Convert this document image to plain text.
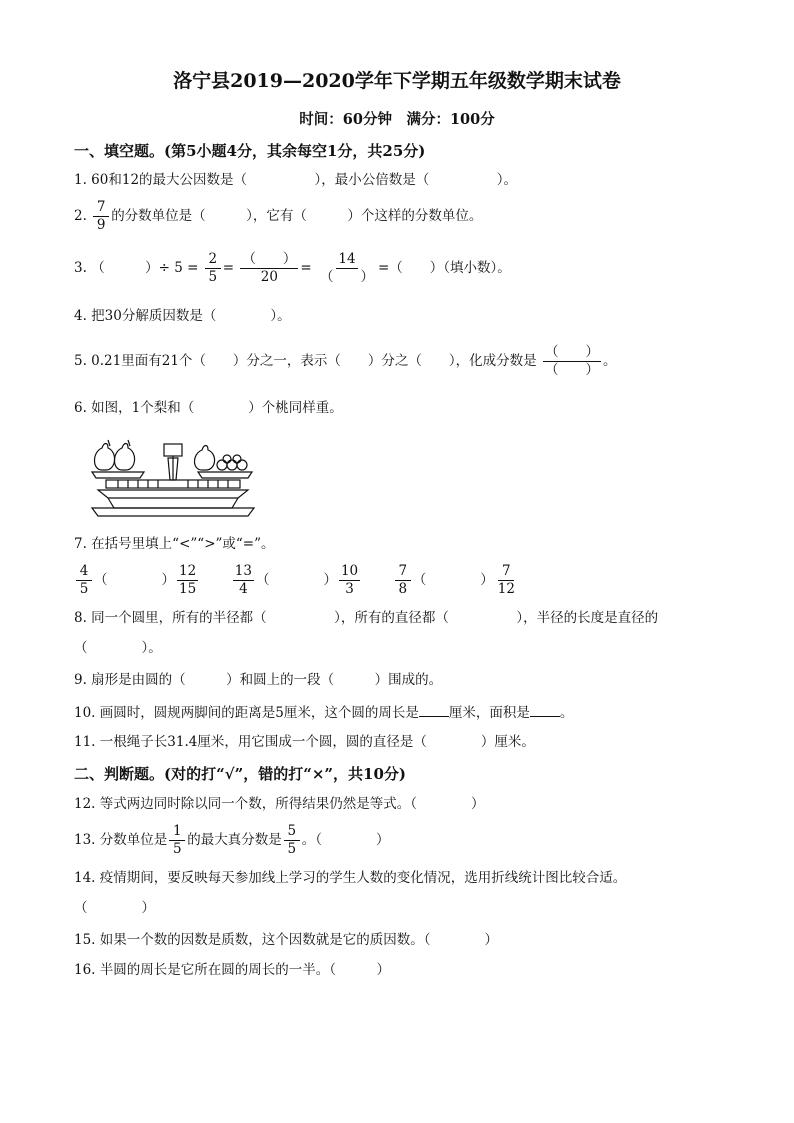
洛宁县2019—2020学年下学期五年级数学期末试卷
时间：60分钟　满分：100分
一、填空题。(第5小题4分，其余每空1分，共25分)
1. 60和12的最大公因数是（　　　　　），最小公倍数是（　　　　　）。
2. $\frac{7}{9}$ 的分数单位是（　　　），它有（　　　）个这样的分数单位。
3. （　　　）÷ $5 = \frac{2}{5} = \frac{( )}{20} = \frac{14}{( )}$ =（　　）（填小数）。
4. 把30分解质因数是（　　　　）。
5. 0.21里面有21个（　　）分之一，表示（　　）分之（　　），化成分数是 $\frac{( )}{( )}$ 。
6. 如图，1个梨和（　　　　）个桃同样重。
7. 在括号里填上“<”“>”或“=”。
$\frac{4}{5}$ （　　　　） $\frac{12}{15}$
	$\frac{13}{4}$ （　　　　） $\frac{10}{3}$
	$\frac{7}{8}$ （　　　　） $\frac{7}{12}$
8. 同一个圆里，所有的半径都（　　　　　），所有的直径都（　　　　　），半径的长度是直径的
（　　　　）。
9. 扇形是由圆的（　　　）和圆上的一段（　　　）围成的。
10. 画圆时，圆规两脚间的距离是5厘米，这个圆的周长是 厘米，面积是 。
11. 一根绳子长31.4厘米，用它围成一个圆，圆的直径是（　　　　）厘米。
二、判断题。(对的打“√”，错的打“×”，共10分)
12. 等式两边同时除以同一个数，所得结果仍然是等式。（　　　　）
13. 分数单位是 $\frac{1}{5}$ 的最大真分数是 $\frac{5}{5}$ 。（　　　　）
14. 疫情期间，要反映每天参加线上学习的学生人数的变化情况，选用折线统计图比较合适。
（　　　　）
15. 如果一个数的因数是质数，这个因数就是它的质因数。（　　　　）
16. 半圆的周长是它所在圆的周长的一半。（　　　）
